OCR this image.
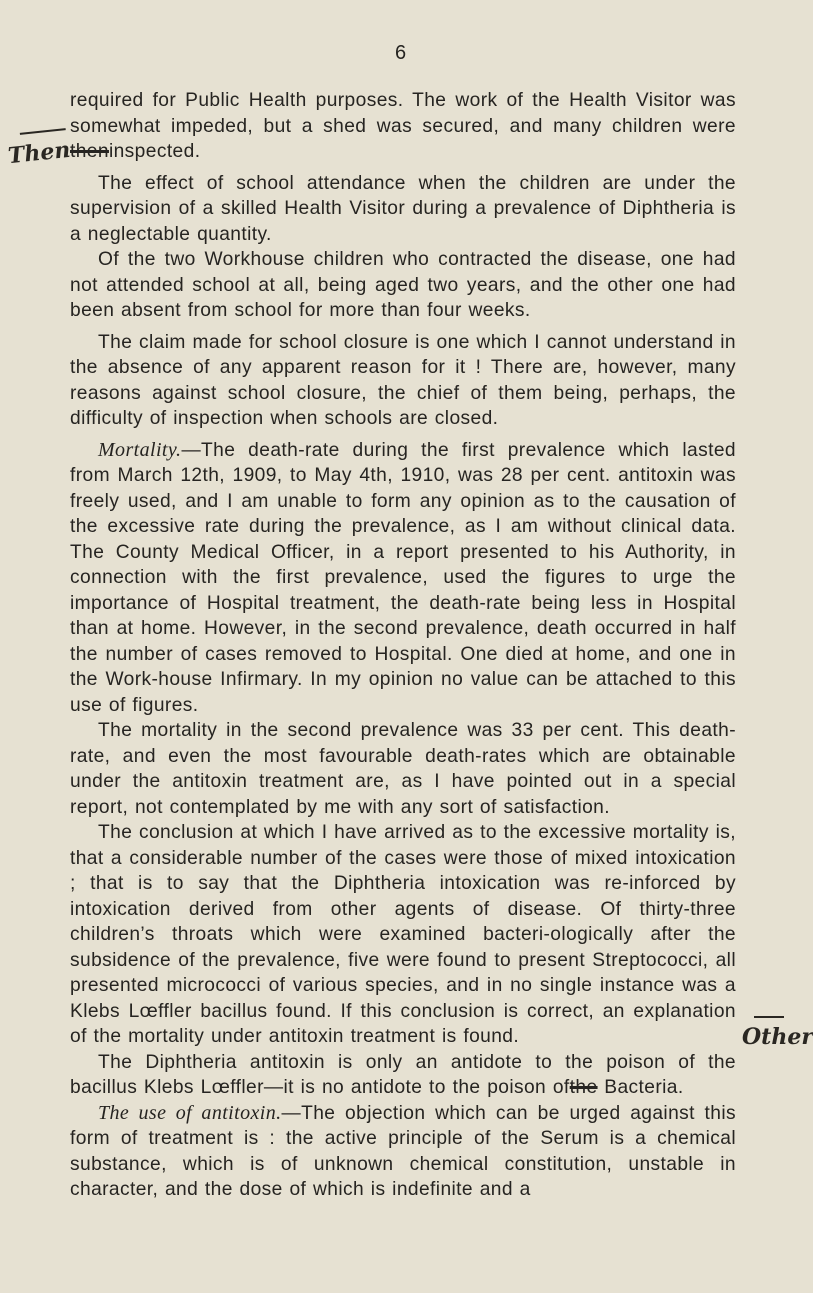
6
Then
Other

required for Public Health purposes. The work of the Health Visitor was somewhat impeded, but a shed was secured, and many children were theninspected.

The effect of school attendance when the children are under the supervision of a skilled Health Visitor during a prevalence of Diphtheria is a neglectable quantity.

Of the two Workhouse children who contracted the disease, one had not attended school at all, being aged two years, and the other one had been absent from school for more than four weeks.

The claim made for school closure is one which I cannot understand in the absence of any apparent reason for it ! There are, however, many reasons against school closure, the chief of them being, perhaps, the difficulty of inspection when schools are closed.

Mortality.—The death-rate during the first prevalence which lasted from March 12th, 1909, to May 4th, 1910, was 28 per cent. antitoxin was freely used, and I am unable to form any opinion as to the causation of the excessive rate during the prevalence, as I am without clinical data. The County Medical Officer, in a report presented to his Authority, in connection with the first prevalence, used the figures to urge the importance of Hospital treatment, the death-rate being less in Hospital than at home. However, in the second prevalence, death occurred in half the number of cases removed to Hospital. One died at home, and one in the Work-house Infirmary. In my opinion no value can be attached to this use of figures.

The mortality in the second prevalence was 33 per cent. This death-rate, and even the most favourable death-rates which are obtainable under the antitoxin treatment are, as I have pointed out in a special report, not contemplated by me with any sort of satisfaction.

The conclusion at which I have arrived as to the excessive mortality is, that a considerable number of the cases were those of mixed intoxication ; that is to say that the Diphtheria intoxication was re-inforced by intoxication derived from other agents of disease. Of thirty-three children’s throats which were examined bacteri-ologically after the subsidence of the prevalence, five were found to present Streptococci, all presented micrococci of various species, and in no single instance was a Klebs Lœffler bacillus found. If this conclusion is correct, an explanation of the mortality under antitoxin treatment is found.

The Diphtheria antitoxin is only an antidote to the poison of the bacillus Klebs Lœffler—it is no antidote to the poison ofthe Bacteria.

The use of antitoxin.—The objection which can be urged against this form of treatment is : the active principle of the Serum is a chemical substance, which is of unknown chemical constitution, unstable in character, and the dose of which is indefinite and a
